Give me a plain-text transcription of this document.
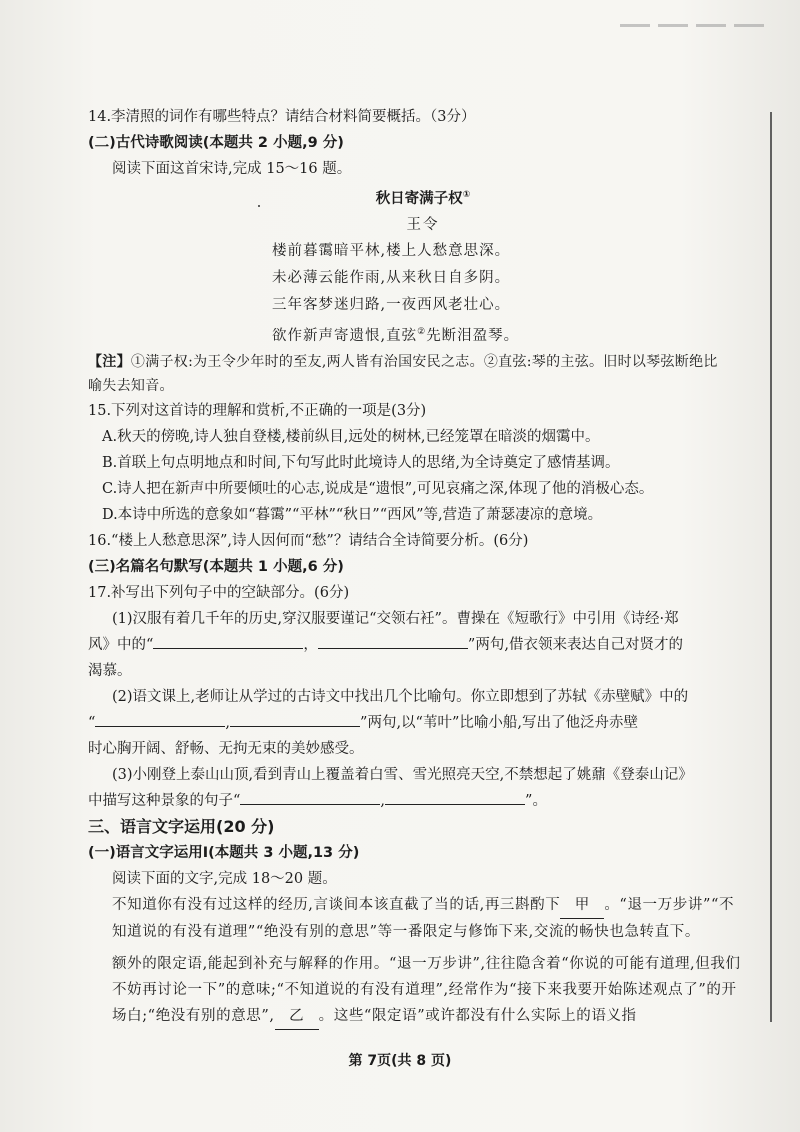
14.李清照的词作有哪些特点？请结合材料简要概括。（3分）
(二)古代诗歌阅读(本题共 2 小题,9 分)
阅读下面这首宋诗,完成 15～16 题。
秋日寄满子权①
王令
楼前暮霭暗平林,楼上人愁意思深。
未必薄云能作雨,从来秋日自多阴。
三年客梦迷归路,一夜西风老壮心。
欲作新声寄遗恨,直弦②先断泪盈琴。
【注】①满子权:为王令少年时的至友,两人皆有治国安民之志。②直弦:琴的主弦。旧时以琴弦断绝比喻失去知音。
15.下列对这首诗的理解和赏析,不正确的一项是(3分)
A.秋天的傍晚,诗人独自登楼,楼前纵目,远处的树林,已经笼罩在暗淡的烟霭中。
B.首联上句点明地点和时间,下句写此时此境诗人的思绪,为全诗奠定了感情基调。
C.诗人把在新声中所要倾吐的心志,说成是“遗恨”,可见哀痛之深,体现了他的消极心态。
D.本诗中所选的意象如“暮霭”“平林”“秋日”“西风”等,营造了萧瑟凄凉的意境。
16.“楼上人愁意思深”,诗人因何而“愁”？请结合全诗简要分析。(6分)
(三)名篇名句默写(本题共 1 小题,6 分)
17.补写出下列句子中的空缺部分。(6分)
(1)汉服有着几千年的历史,穿汉服要谨记“交领右衽”。曹操在《短歌行》中引用《诗经·郑
风》中的“	，	”两句,借衣领来表达自己对贤才的
渴慕。
(2)语文课上,老师让从学过的古诗文中找出几个比喻句。你立即想到了苏轼《赤壁赋》中的
“	,	”两句,以“苇叶”比喻小船,写出了他泛舟赤壁
时心胸开阔、舒畅、无拘无束的美妙感受。
(3)小刚登上泰山山顶,看到青山上覆盖着白雪、雪光照亮天空,不禁想起了姚鼐《登泰山记》
中描写这种景象的句子“	,	”。
三、语言文字运用(20 分)
(一)语言文字运用Ⅰ(本题共 3 小题,13 分)
阅读下面的文字,完成 18～20 题。
不知道你有没有过这样的经历,言谈间本该直截了当的话,再三斟酌下 甲 。“退一万步讲”“不知道说的有没有道理”“绝没有别的意思”等一番限定与修饰下来,交流的畅快也急转直下。
额外的限定语,能起到补充与解释的作用。“退一万步讲”,往往隐含着“你说的可能有道理,但我们不妨再讨论一下”的意味;“不知道说的有没有道理”,经常作为“接下来我要开始陈述观点了”的开场白;“绝没有别的意思”, 乙 。这些“限定语”或许都没有什么实际上的语义指
第 7页(共 8 页)
